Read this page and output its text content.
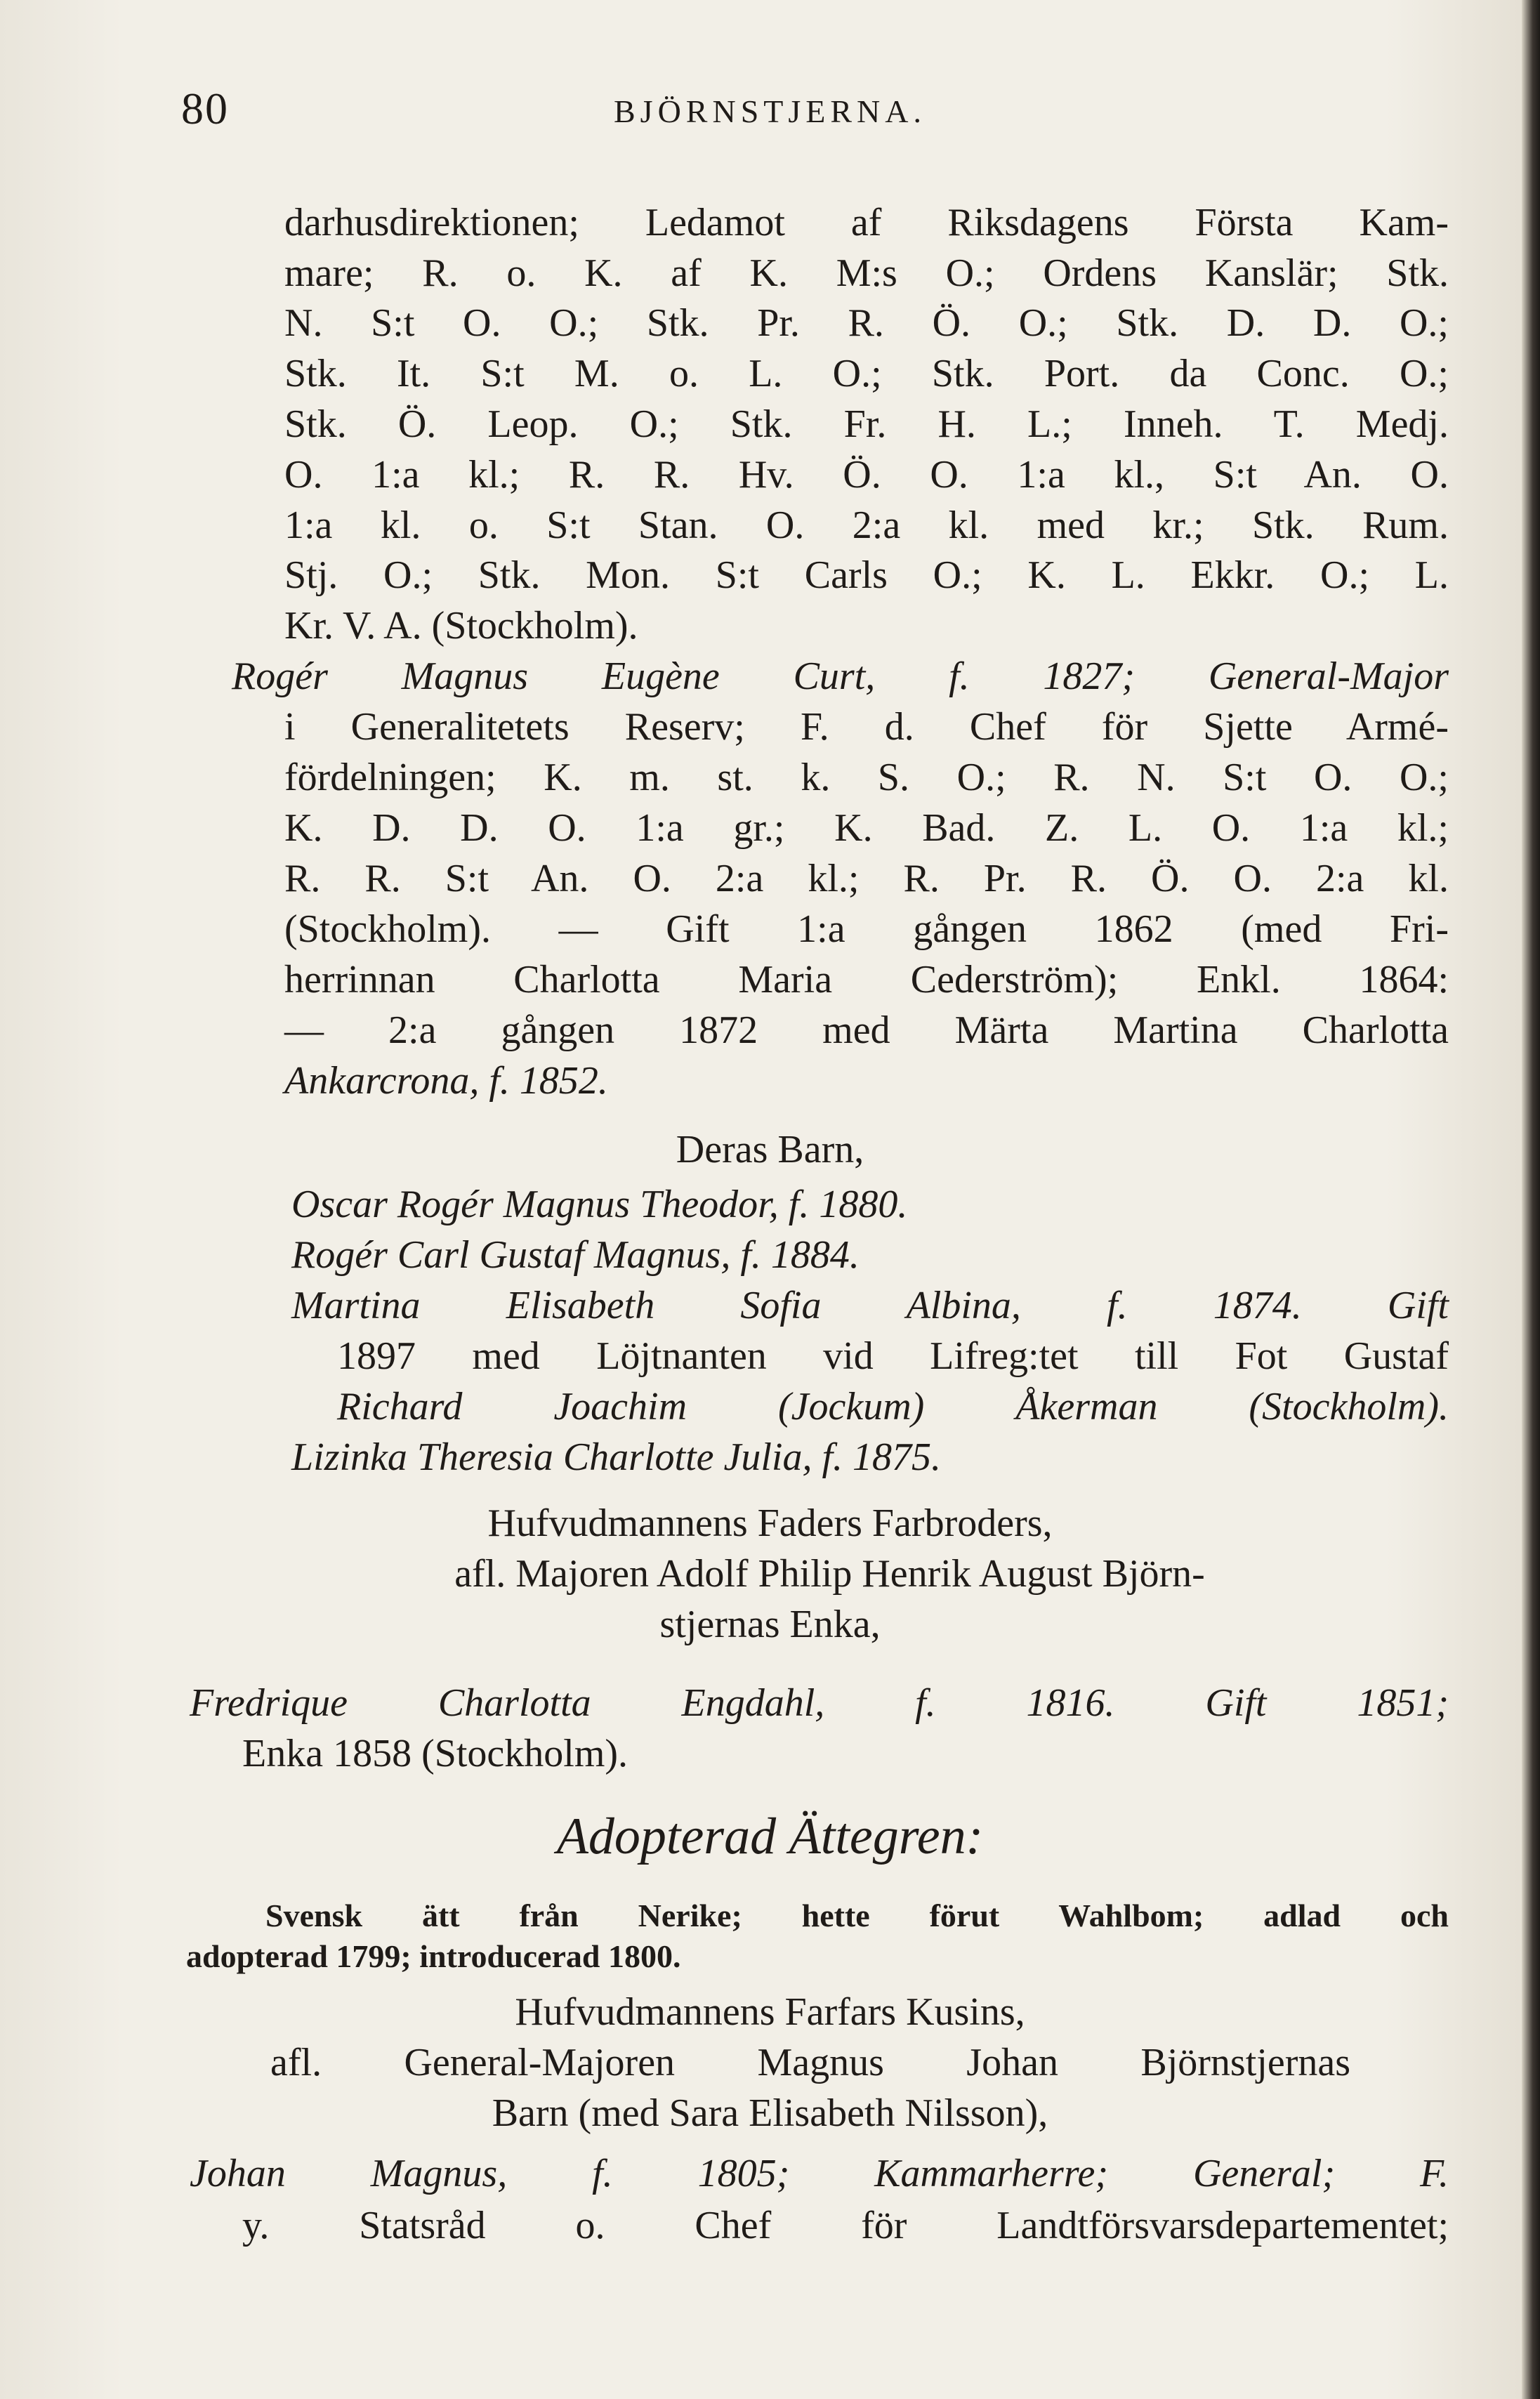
80	BJÖRNSTJERNA.
darhusdirektionen; Ledamot af Riksdagens Första Kam-
mare; R. o. K. af K. M:s O.; Ordens Kanslär; Stk.
N. S:t O. O.; Stk. Pr. R. Ö. O.; Stk. D. D. O.;
Stk. It. S:t M. o. L. O.; Stk. Port. da Conc. O.;
Stk. Ö. Leop. O.; Stk. Fr. H. L.; Inneh. T. Medj.
O. 1:a kl.; R. R. Hv. Ö. O. 1:a kl., S:t An. O.
1:a kl. o. S:t Stan. O. 2:a kl. med kr.; Stk. Rum.
Stj. O.; Stk. Mon. S:t Carls O.; K. L. Ekkr. O.; L.
Kr. V. A. (Stockholm).
Rogér Magnus Eugène Curt, f. 1827; General-Major
i Generalitetets Reserv; F. d. Chef för Sjette Armé-
fördelningen; K. m. st. k. S. O.; R. N. S:t O. O.;
K. D. D. O. 1:a gr.; K. Bad. Z. L. O. 1:a kl.;
R. R. S:t An. O. 2:a kl.; R. Pr. R. Ö. O. 2:a kl.
(Stockholm). — Gift 1:a gången 1862 (med Fri-
herrinnan Charlotta Maria Cederström); Enkl. 1864:
— 2:a gången 1872 med Märta Martina Charlotta
Ankarcrona, f. 1852.
Deras Barn,
Oscar Rogér Magnus Theodor, f. 1880.
Rogér Carl Gustaf Magnus, f. 1884.
Martina Elisabeth Sofia Albina, f. 1874. Gift
1897 med Löjtnanten vid Lifreg:tet till Fot Gustaf
Richard Joachim (Jockum) Åkerman (Stockholm).
Lizinka Theresia Charlotte Julia, f. 1875.
Hufvudmannens Faders Farbroders,
afl. Majoren Adolf Philip Henrik August Björn-
stjernas Enka,
Fredrique Charlotta Engdahl, f. 1816. Gift 1851;
Enka 1858 (Stockholm).
Adopterad Ättegren:
Svensk ätt från Nerike; hette förut Wahlbom; adlad och
adopterad 1799; introducerad 1800.
Hufvudmannens Farfars Kusins,
afl. General-Majoren Magnus Johan Björnstjernas
Barn (med Sara Elisabeth Nilsson),
Johan Magnus, f. 1805; Kammarherre; General; F.
y. Statsråd o. Chef för Landtförsvarsdepartementet;
